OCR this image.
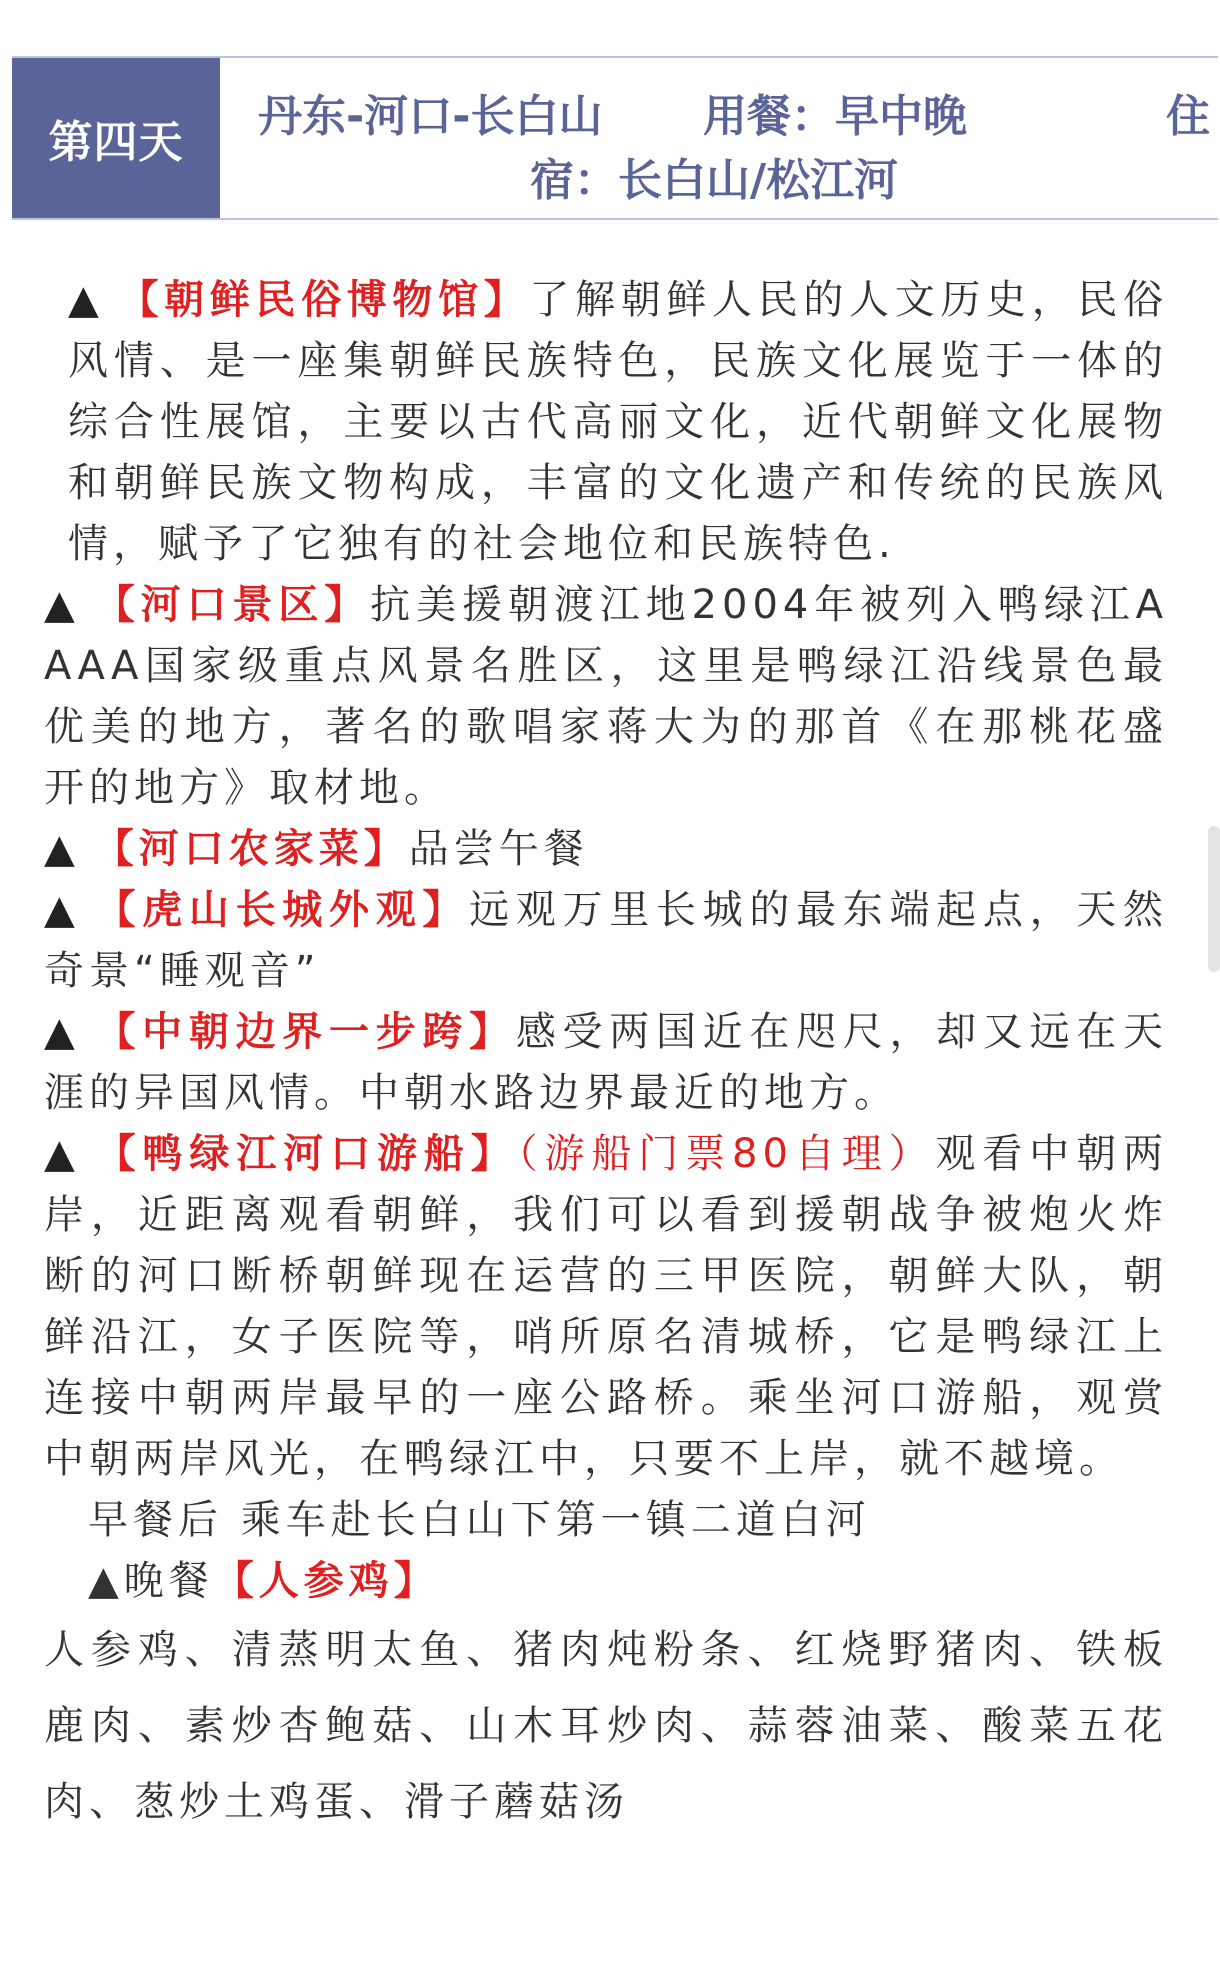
第四天
丹东-河口-长白山 用餐：早中晚	住
宿：长白山/松江河

▲ 【朝鲜民俗博物馆】了解朝鲜人民的人文历史，民俗风情、是一座集朝鲜民族特色，民族文化展览于一体的综合性展馆，主要以古代高丽文化，近代朝鲜文化展物和朝鲜民族文物构成，丰富的文化遗产和传统的民族风情，赋予了它独有的社会地位和民族特色.

▲ 【河口景区】抗美援朝渡江地2004年被列入鸭绿江AAAA国家级重点风景名胜区，这里是鸭绿江沿线景色最优美的地方，著名的歌唱家蒋大为的那首《在那桃花盛开的地方》取材地。

▲ 【河口农家菜】品尝午餐

▲ 【虎山长城外观】远观万里长城的最东端起点，天然奇景“睡观音”

▲ 【中朝边界一步跨】感受两国近在咫尺，却又远在天涯的异国风情。中朝水路边界最近的地方。

▲ 【鸭绿江河口游船】（游船门票80自理）观看中朝两岸，近距离观看朝鲜，我们可以看到援朝战争被炮火炸断的河口断桥朝鲜现在运营的三甲医院，朝鲜大队，朝鲜沿江，女子医院等，哨所原名清城桥，它是鸭绿江上连接中朝两岸最早的一座公路桥。乘坐河口游船，观赏中朝两岸风光，在鸭绿江中，只要不上岸，就不越境。

早餐后 乘车赴长白山下第一镇二道白河

▲晚餐【人参鸡】

人参鸡、清蒸明太鱼、猪肉炖粉条、红烧野猪肉、铁板鹿肉、素炒杏鲍菇、山木耳炒肉、蒜蓉油菜、酸菜五花肉、葱炒土鸡蛋、滑子蘑菇汤
